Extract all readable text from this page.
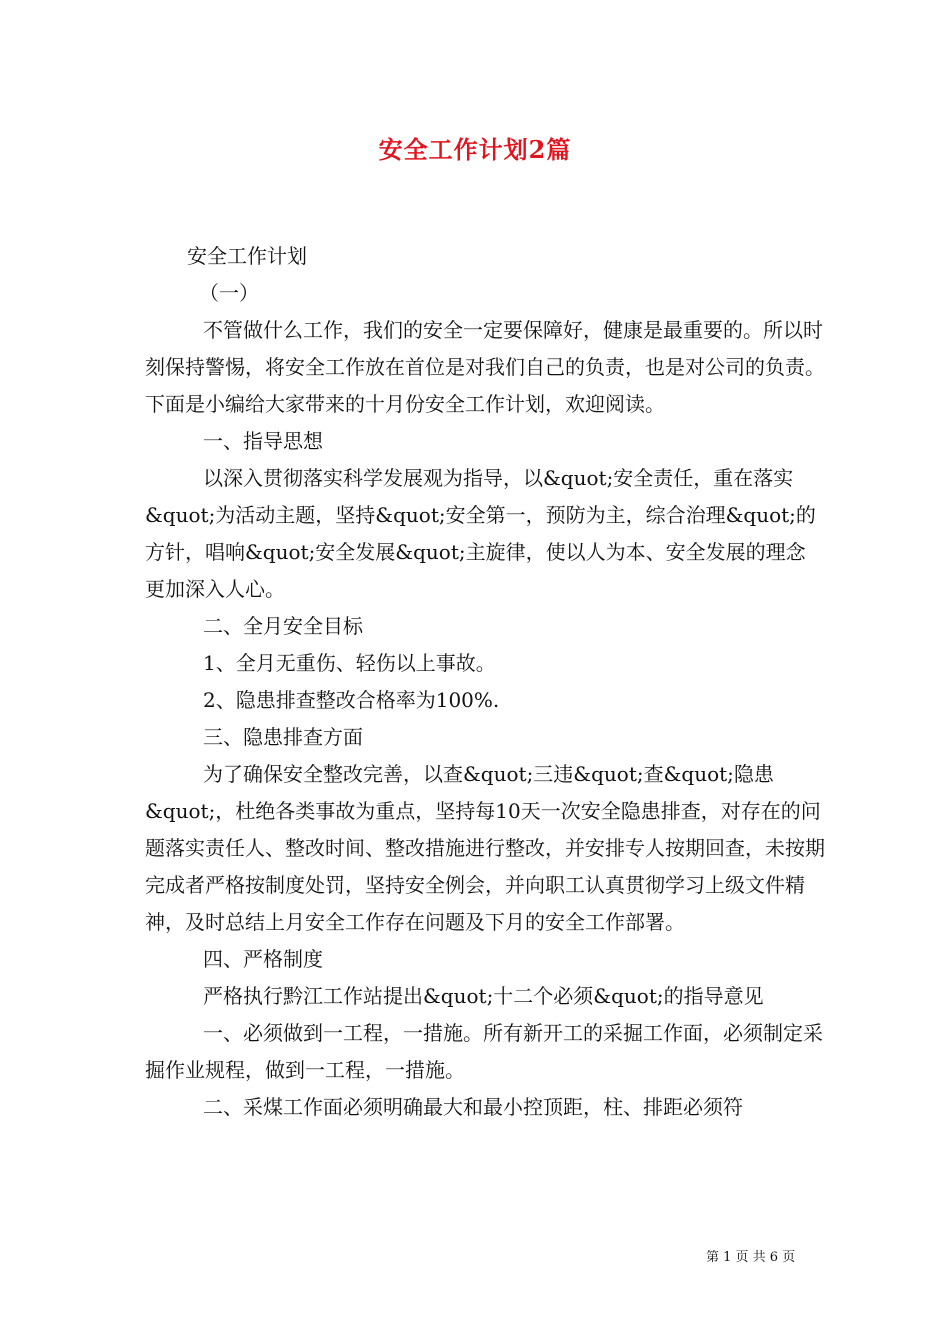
安全工作计划2篇

安全工作计划

（一）

不管做什么工作，我们的安全一定要保障好，健康是最重要的。所以时刻保持警惕，将安全工作放在首位是对我们自己的负责，也是对公司的负责。下面是小编给大家带来的十月份安全工作计划，欢迎阅读。

一、指导思想

以深入贯彻落实科学发展观为指导，以&quot;安全责任，重在落实&quot;为活动主题，坚持&quot;安全第一，预防为主，综合治理&quot;的方针，唱响&quot;安全发展&quot;主旋律，使以人为本、安全发展的理念更加深入人心。

二、全月安全目标

1、全月无重伤、轻伤以上事故。

2、隐患排查整改合格率为100%.

三、隐患排查方面

为了确保安全整改完善，以查&quot;三违&quot;查&quot;隐患&quot;，杜绝各类事故为重点，坚持每10天一次安全隐患排查，对存在的问题落实责任人、整改时间、整改措施进行整改，并安排专人按期回查，未按期完成者严格按制度处罚，坚持安全例会，并向职工认真贯彻学习上级文件精神，及时总结上月安全工作存在问题及下月的安全工作部署。

四、严格制度

严格执行黔江工作站提出&quot;十二个必须&quot;的指导意见

一、必须做到一工程，一措施。所有新开工的采掘工作面，必须制定采掘作业规程，做到一工程，一措施。

二、采煤工作面必须明确最大和最小控顶距，柱、排距必须符

第 1 页 共 6 页
